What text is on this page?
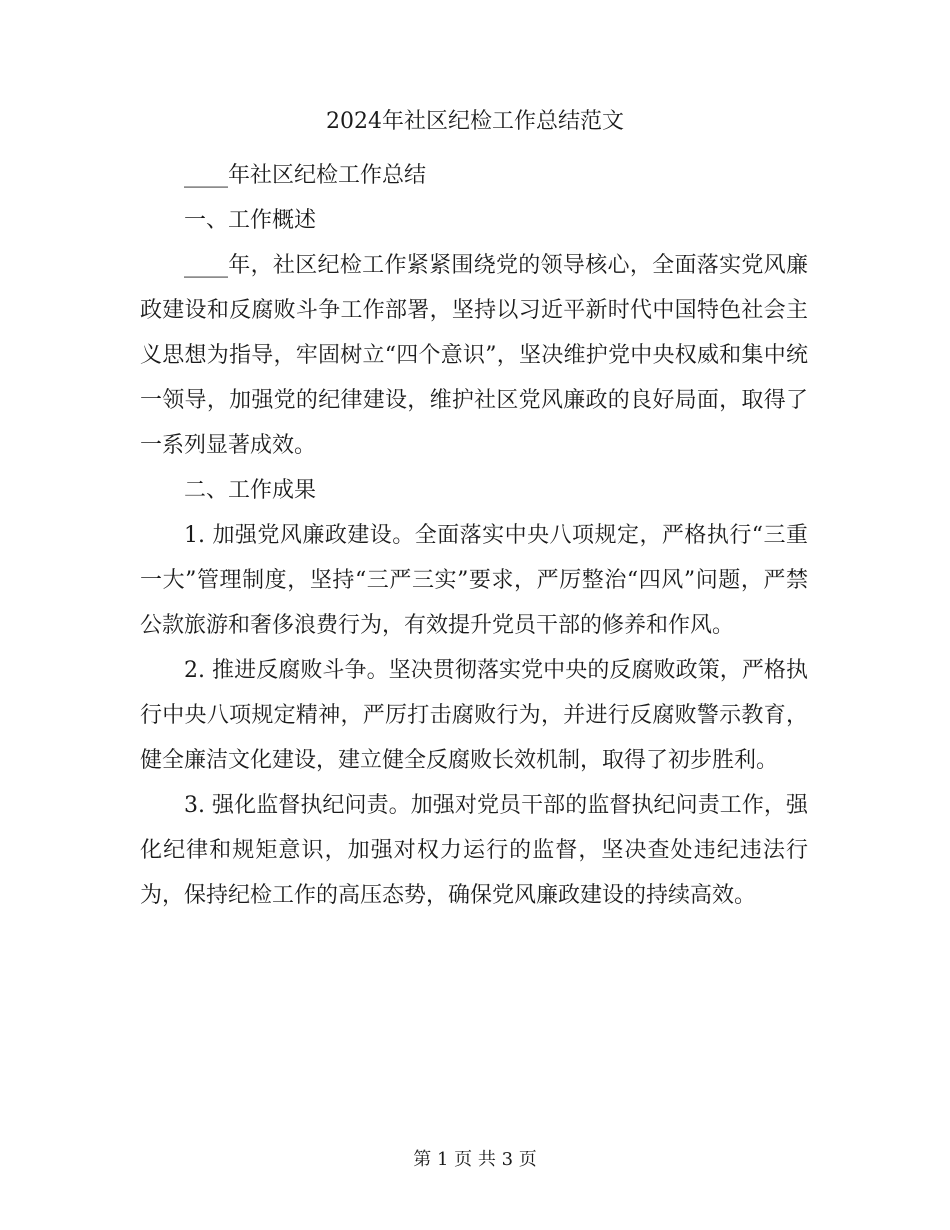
2024年社区纪检工作总结范文

____年社区纪检工作总结

一、工作概述

____年，社区纪检工作紧紧围绕党的领导核心，全面落实党风廉政建设和反腐败斗争工作部署，坚持以习近平新时代中国特色社会主义思想为指导，牢固树立“四个意识”，坚决维护党中央权威和集中统一领导，加强党的纪律建设，维护社区党风廉政的良好局面，取得了一系列显著成效。

二、工作成果

1. 加强党风廉政建设。全面落实中央八项规定，严格执行“三重一大”管理制度，坚持“三严三实”要求，严厉整治“四风”问题，严禁公款旅游和奢侈浪费行为，有效提升党员干部的修养和作风。

2. 推进反腐败斗争。坚决贯彻落实党中央的反腐败政策，严格执行中央八项规定精神，严厉打击腐败行为，并进行反腐败警示教育，健全廉洁文化建设，建立健全反腐败长效机制，取得了初步胜利。

3. 强化监督执纪问责。加强对党员干部的监督执纪问责工作，强化纪律和规矩意识，加强对权力运行的监督，坚决查处违纪违法行为，保持纪检工作的高压态势，确保党风廉政建设的持续高效。

第 1 页 共 3 页
